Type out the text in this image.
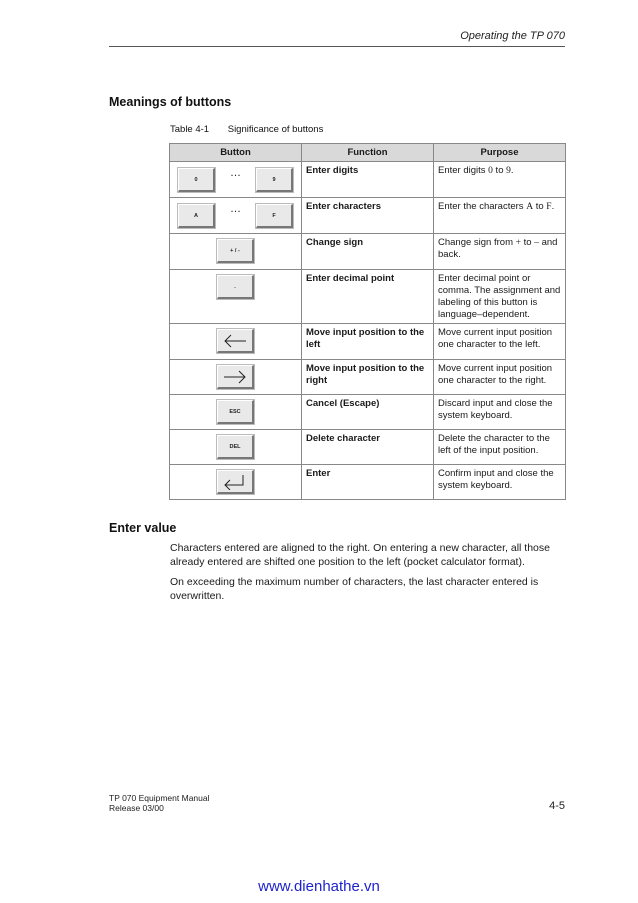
Operating the TP 070
Meanings of buttons
Table 4-1 Significance of buttons
Button	Function	Purpose

0
…
9	Enter digits	Enter digits 0 to 9.

A
…
F	Enter characters	Enter the characters A to F.

+ / -	Change sign	Change sign from + to – and back.

.	Enter decimal point	Enter decimal point or comma. The assignment and labeling of this button is language–dependent.

	Move input position to the left	Move current input position one character to the left.

	Move input position to the right	Move current input position one character to the right.

ESC	Cancel (Escape)	Discard input and close the system keyboard.

DEL	Delete character	Delete the character to the left of the input position.

	Enter	Confirm input and close the system keyboard.
Enter value
Characters entered are aligned to the right. On entering a new character, all those already entered are shifted one position to the left (pocket calculator format).
On exceeding the maximum number of characters, the last character entered is overwritten.
TP 070 Equipment Manual
Release 03/00	4-5
www.dienhathe.vn
